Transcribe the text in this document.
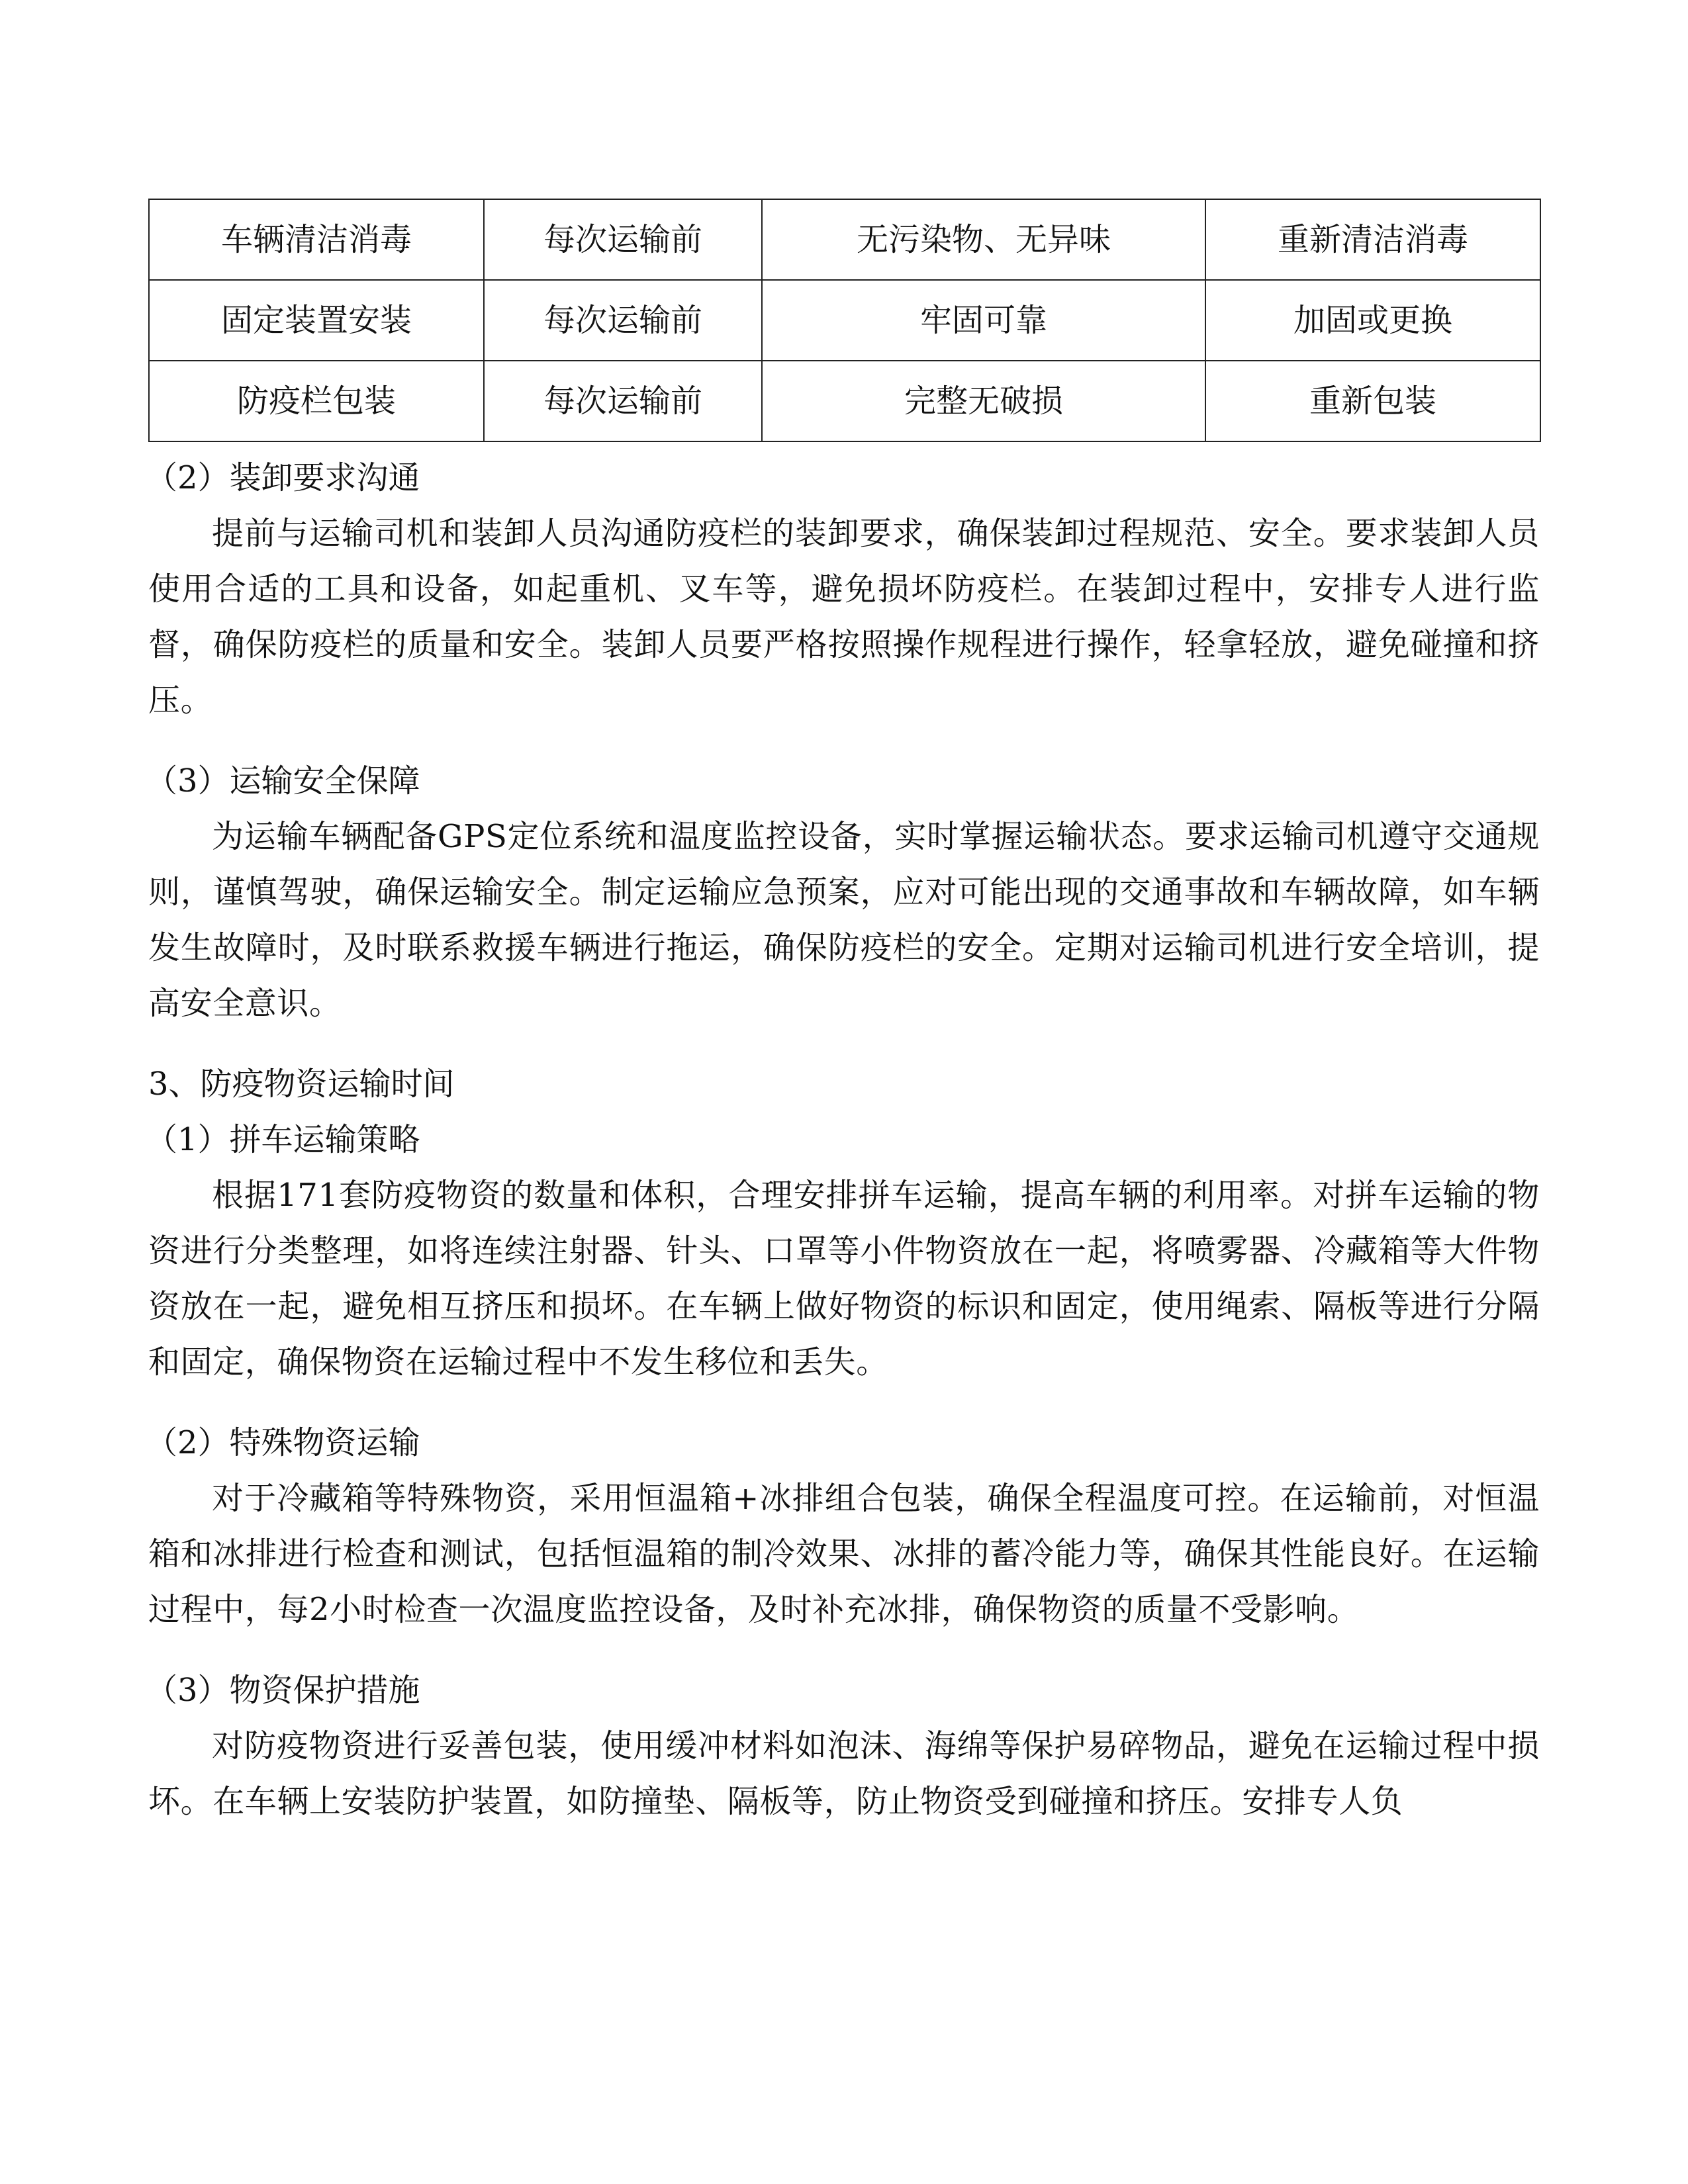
车辆清洁消毒	每次运输前	无污染物、无异味	重新清洁消毒
固定装置安装	每次运输前	牢固可靠	加固或更换
防疫栏包装	每次运输前	完整无破损	重新包装

（2）装卸要求沟通

提前与运输司机和装卸人员沟通防疫栏的装卸要求，确保装卸过程规范、安全。要求装卸人员使用合适的工具和设备，如起重机、叉车等，避免损坏防疫栏。在装卸过程中，安排专人进行监督，确保防疫栏的质量和安全。装卸人员要严格按照操作规程进行操作，轻拿轻放，避免碰撞和挤压。

（3）运输安全保障

为运输车辆配备GPS定位系统和温度监控设备，实时掌握运输状态。要求运输司机遵守交通规则，谨慎驾驶，确保运输安全。制定运输应急预案，应对可能出现的交通事故和车辆故障，如车辆发生故障时，及时联系救援车辆进行拖运，确保防疫栏的安全。定期对运输司机进行安全培训，提高安全意识。

3、防疫物资运输时间

（1）拼车运输策略

根据171套防疫物资的数量和体积，合理安排拼车运输，提高车辆的利用率。对拼车运输的物资进行分类整理，如将连续注射器、针头、口罩等小件物资放在一起，将喷雾器、冷藏箱等大件物资放在一起，避免相互挤压和损坏。在车辆上做好物资的标识和固定，使用绳索、隔板等进行分隔和固定，确保物资在运输过程中不发生移位和丢失。

（2）特殊物资运输

对于冷藏箱等特殊物资，采用恒温箱+冰排组合包装，确保全程温度可控。在运输前，对恒温箱和冰排进行检查和测试，包括恒温箱的制冷效果、冰排的蓄冷能力等，确保其性能良好。在运输过程中，每2小时检查一次温度监控设备，及时补充冰排，确保物资的质量不受影响。

（3）物资保护措施

对防疫物资进行妥善包装，使用缓冲材料如泡沫、海绵等保护易碎物品，避免在运输过程中损坏。在车辆上安装防护装置，如防撞垫、隔板等，防止物资受到碰撞和挤压。安排专人负
